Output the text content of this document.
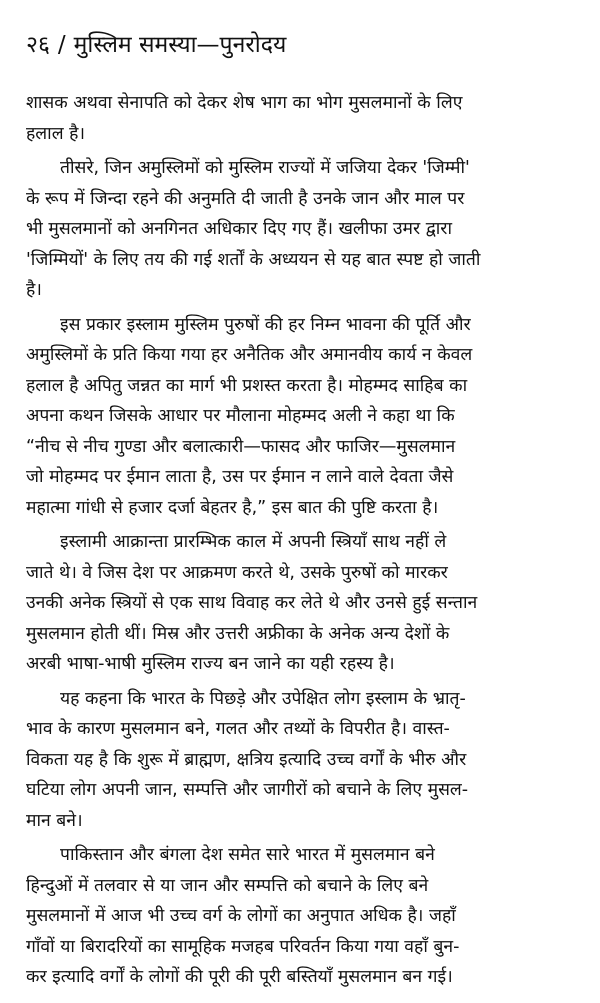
२६ / मुस्लिम समस्या—पुनरोदय

शासक अथवा सेनापति को देकर शेष भाग का भोग मुसलमानों के लिए
हलाल है।

तीसरे, जिन अमुस्लिमों को मुस्लिम राज्यों में जजिया देकर 'जिम्मी'
के रूप में जिन्दा रहने की अनुमति दी जाती है उनके जान और माल पर
भी मुसलमानों को अनगिनत अधिकार दिए गए हैं। खलीफा उमर द्वारा
'जिम्मियों' के लिए तय की गई शर्तों के अध्ययन से यह बात स्पष्ट हो जाती
है।

इस प्रकार इस्लाम मुस्लिम पुरुषों की हर निम्न भावना की पूर्ति और
अमुस्लिमों के प्रति किया गया हर अनैतिक और अमानवीय कार्य न केवल
हलाल है अपितु जन्नत का मार्ग भी प्रशस्त करता है। मोहम्मद साहिब का
अपना कथन जिसके आधार पर मौलाना मोहम्मद अली ने कहा था कि
“नीच से नीच गुण्डा और बलात्कारी—फासद और फाजिर—मुसलमान
जो मोहम्मद पर ईमान लाता है, उस पर ईमान न लाने वाले देवता जैसे
महात्मा गांधी से हजार दर्जा बेहतर है,” इस बात की पुष्टि करता है।

इस्लामी आक्रान्ता प्रारम्भिक काल में अपनी स्त्रियाँ साथ नहीं ले
जाते थे। वे जिस देश पर आक्रमण करते थे, उसके पुरुषों को मारकर
उनकी अनेक स्त्रियों से एक साथ विवाह कर लेते थे और उनसे हुई सन्तान
मुसलमान होती थीं। मिस्र और उत्तरी अफ्रीका के अनेक अन्य देशों के
अरबी भाषा-भाषी मुस्लिम राज्य बन जाने का यही रहस्य है।

यह कहना कि भारत के पिछड़े और उपेक्षित लोग इस्लाम के भ्रातृ-
भाव के कारण मुसलमान बने, गलत और तथ्यों के विपरीत है। वास्त-
विकता यह है कि शुरू में ब्राह्मण, क्षत्रिय इत्यादि उच्च वर्गों के भीरु और
घटिया लोग अपनी जान, सम्पत्ति और जागीरों को बचाने के लिए मुसल-
मान बने।

पाकिस्तान और बंगला देश समेत सारे भारत में मुसलमान बने
हिन्दुओं में तलवार से या जान और सम्पत्ति को बचाने के लिए बने
मुसलमानों में आज भी उच्च वर्ग के लोगों का अनुपात अधिक है। जहाँ
गाँवों या बिरादरियों का सामूहिक मजहब परिवर्तन किया गया वहाँ बुन-
कर इत्यादि वर्गों के लोगों की पूरी की पूरी बस्तियाँ मुसलमान बन गई।
